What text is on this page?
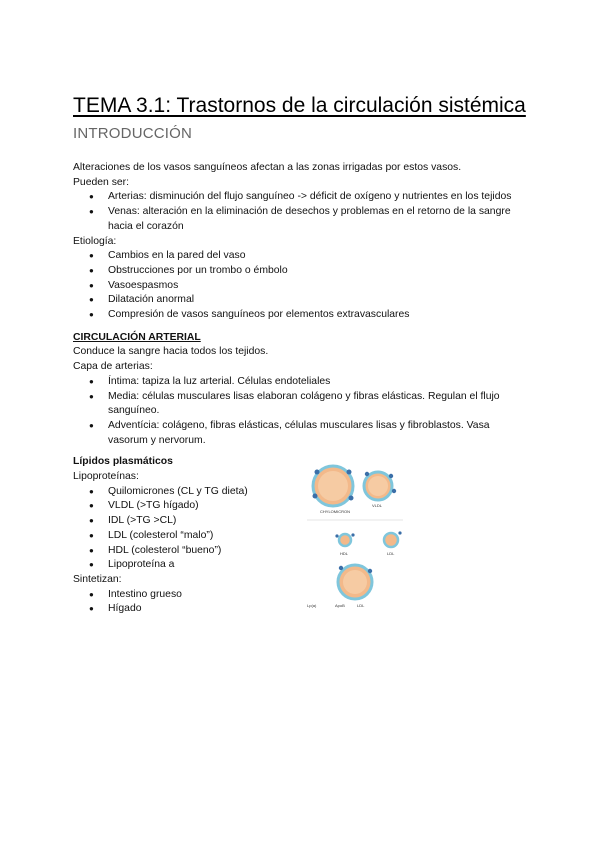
TEMA 3.1: Trastornos de la circulación sistémica
INTRODUCCIÓN

Alteraciones de los vasos sanguíneos afectan a las zonas irrigadas por estos vasos.

Pueden ser:

● Arterias: disminución del flujo sanguíneo -> déficit de oxígeno y nutrientes en los tejidos
● Venas: alteración en la eliminación de desechos y problemas en el retorno de la sangre hacia el corazón

Etiología:

● Cambios en la pared del vaso
● Obstrucciones por un trombo o émbolo
● Vasoespasmos
● Dilatación anormal
● Compresión de vasos sanguíneos por elementos extravasculares

CIRCULACIÓN ARTERIAL

Conduce la sangre hacia todos los tejidos.

Capa de arterias:

● Íntima: tapiza la luz arterial. Células endoteliales
● Media: células musculares lisas elaboran colágeno y fibras elásticas. Regulan el flujo sanguíneo.
● Adventícia: colágeno, fibras elásticas, células musculares lisas y fibroblastos. Vasa vasorum y nervorum.

Lípidos plasmáticos

Lipoproteínas:

● Quilomicrones (CL y TG dieta)
● VLDL (>TG hígado)
● IDL (>TG >CL)
● LDL (colesterol “malo”)
● HDL (colesterol “bueno”)
● Lipoproteína a

Sintetizan:

● Intestino grueso
● Hígado
CHYLOMICRON
VLDL
HDL	LDL
Lp(a)	ApoB	LDL
